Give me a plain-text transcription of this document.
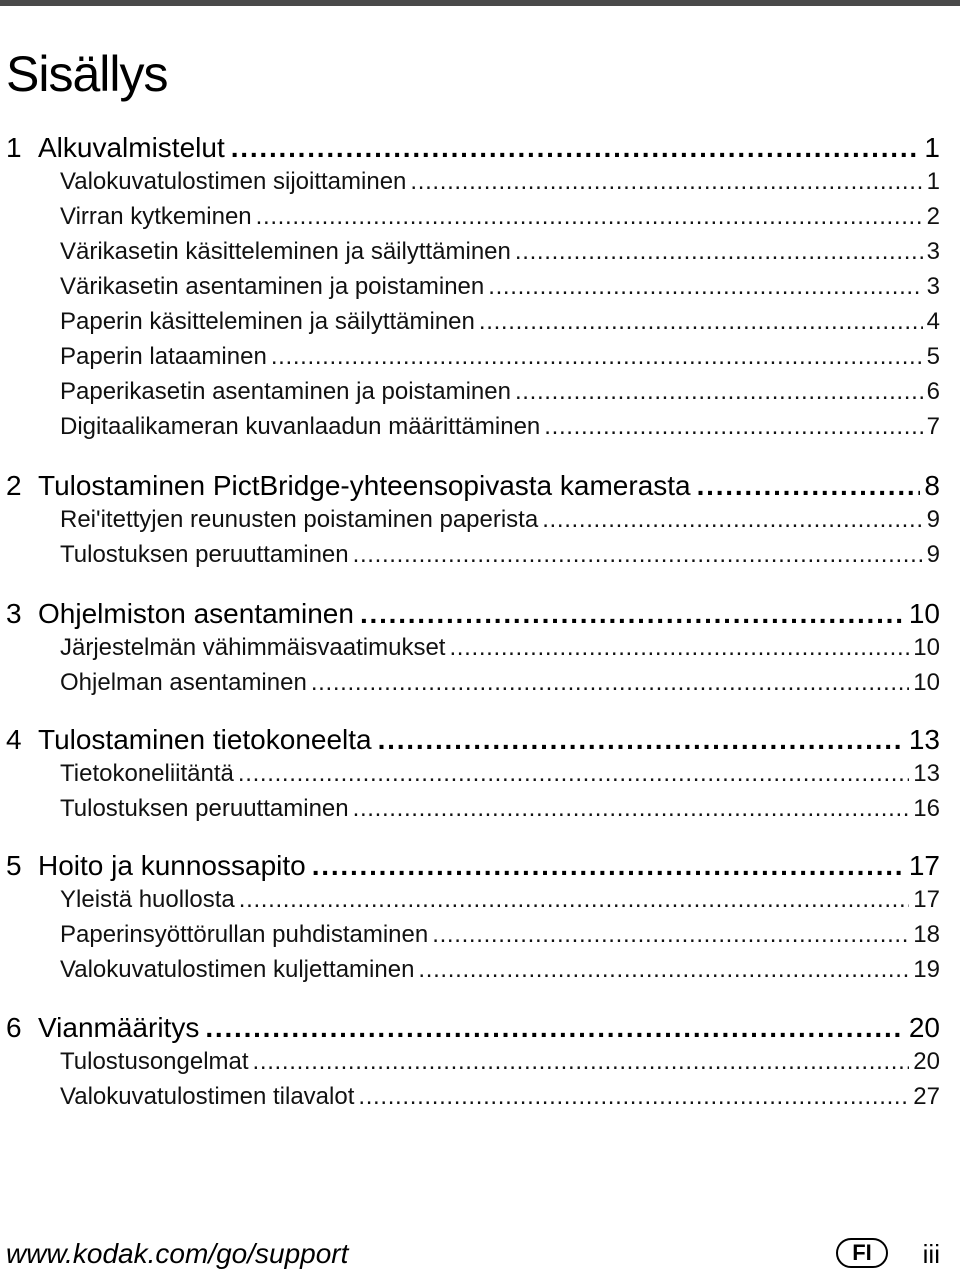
Sisällys
1 Alkuvalmistelut . . .	1
Valokuvatulostimen sijoittaminen . . .	1
Virran kytkeminen . . .	2
Värikasetin käsitteleminen ja säilyttäminen . . .	3
Värikasetin asentaminen ja poistaminen . . .	3
Paperin käsitteleminen ja säilyttäminen . . .	4
Paperin lataaminen . . .	5
Paperikasetin asentaminen ja poistaminen . . .	6
Digitaalikameran kuvanlaadun määrittäminen . . .	7
2 Tulostaminen PictBridge-yhteensopivasta kamerasta . . .	8
Rei'itettyjen reunusten poistaminen paperista . . .	9
Tulostuksen peruuttaminen . . .	9
3 Ohjelmiston asentaminen . . .	10
Järjestelmän vähimmäisvaatimukset . . .	10
Ohjelman asentaminen . . .	10
4 Tulostaminen tietokoneelta . . .	13
Tietokoneliitäntä . . .	13
Tulostuksen peruuttaminen . . .	16
5 Hoito ja kunnossapito . . .	17
Yleistä huollosta . . .	17
Paperinsyöttörullan puhdistaminen . . .	18
Valokuvatulostimen kuljettaminen . . .	19
6 Vianmääritys . . .	20
Tulostusongelmat . . .	20
Valokuvatulostimen tilavalot . . .	27
www.kodak.com/go/support	FI	iii
